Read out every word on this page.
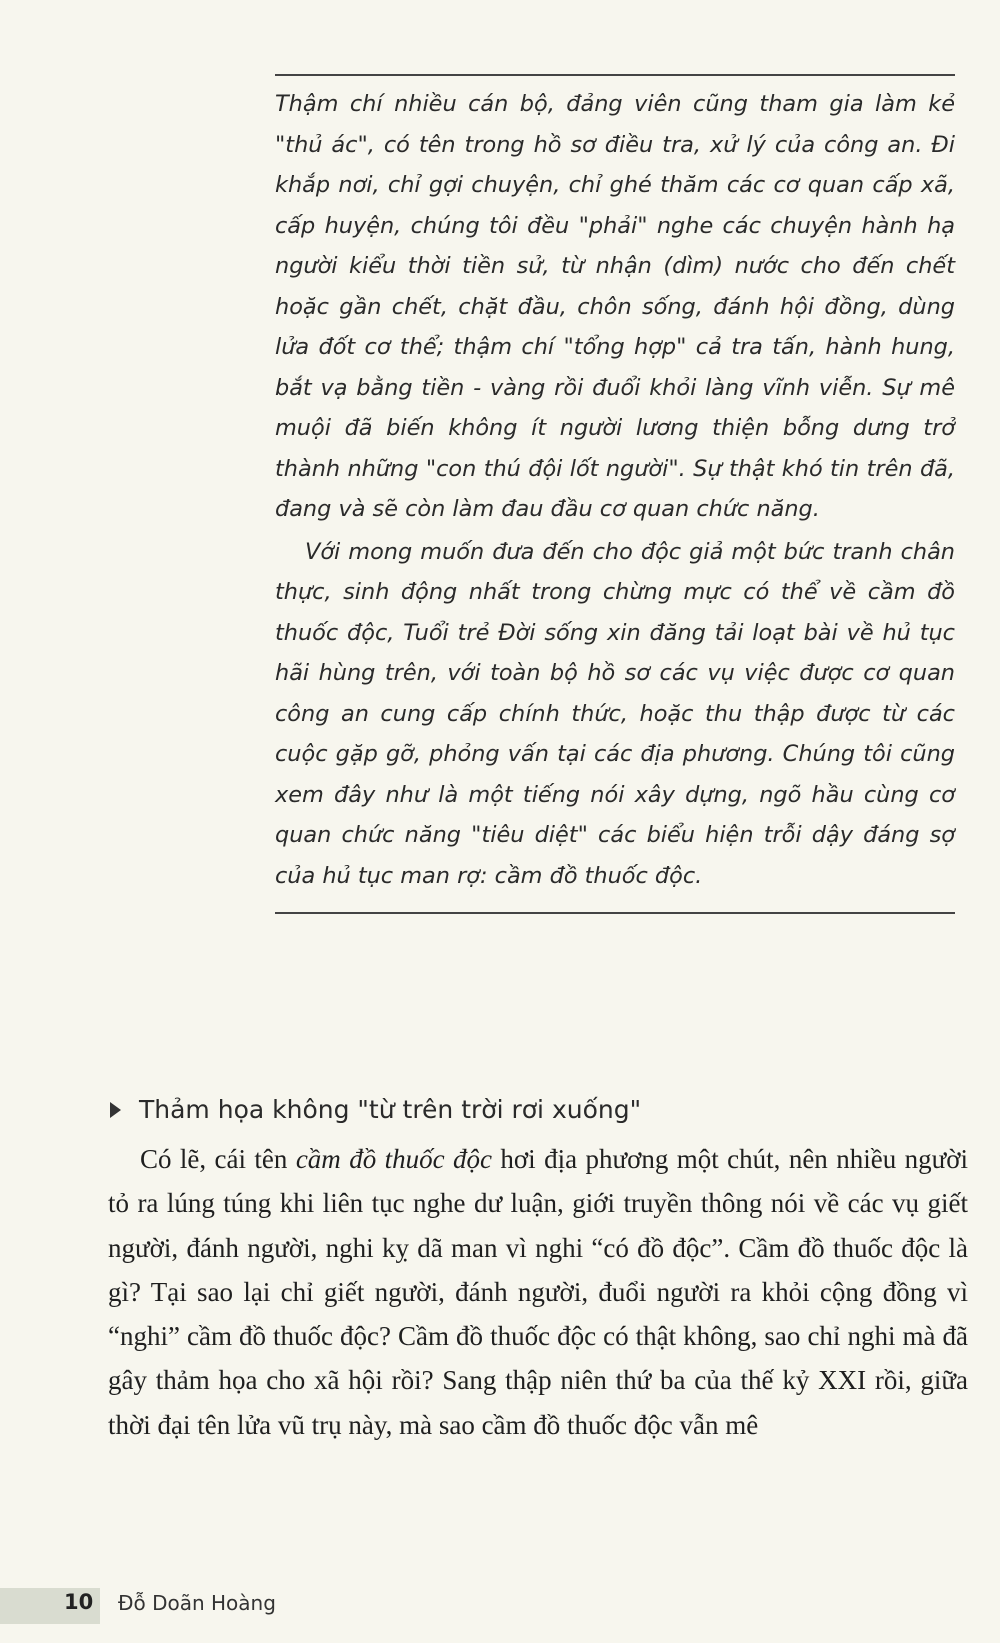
Thậm chí nhiều cán bộ, đảng viên cũng tham gia làm kẻ "thủ ác", có tên trong hồ sơ điều tra, xử lý của công an. Đi khắp nơi, chỉ gợi chuyện, chỉ ghé thăm các cơ quan cấp xã, cấp huyện, chúng tôi đều "phải" nghe các chuyện hành hạ người kiểu thời tiền sử, từ nhận (dìm) nước cho đến chết hoặc gần chết, chặt đầu, chôn sống, đánh hội đồng, dùng lửa đốt cơ thể; thậm chí "tổng hợp" cả tra tấn, hành hung, bắt vạ bằng tiền - vàng rồi đuổi khỏi làng vĩnh viễn. Sự mê muội đã biến không ít người lương thiện bỗng dưng trở thành những "con thú đội lốt người". Sự thật khó tin trên đã, đang và sẽ còn làm đau đầu cơ quan chức năng.

Với mong muốn đưa đến cho độc giả một bức tranh chân thực, sinh động nhất trong chừng mực có thể về cầm đồ thuốc độc, Tuổi trẻ Đời sống xin đăng tải loạt bài về hủ tục hãi hùng trên, với toàn bộ hồ sơ các vụ việc được cơ quan công an cung cấp chính thức, hoặc thu thập được từ các cuộc gặp gỡ, phỏng vấn tại các địa phương. Chúng tôi cũng xem đây như là một tiếng nói xây dựng, ngõ hầu cùng cơ quan chức năng "tiêu diệt" các biểu hiện trỗi dậy đáng sợ của hủ tục man rợ: cầm đồ thuốc độc.

Thảm họa không "từ trên trời rơi xuống"

Có lẽ, cái tên cầm đồ thuốc độc hơi địa phương một chút, nên nhiều người tỏ ra lúng túng khi liên tục nghe dư luận, giới truyền thông nói về các vụ giết người, đánh người, nghi kỵ dã man vì nghi “có đồ độc”. Cầm đồ thuốc độc là gì? Tại sao lại chỉ giết người, đánh người, đuổi người ra khỏi cộng đồng vì “nghi” cầm đồ thuốc độc? Cầm đồ thuốc độc có thật không, sao chỉ nghi mà đã gây thảm họa cho xã hội rồi? Sang thập niên thứ ba của thế kỷ XXI rồi, giữa thời đại tên lửa vũ trụ này, mà sao cầm đồ thuốc độc vẫn mê

10 Đỗ Doãn Hoàng
